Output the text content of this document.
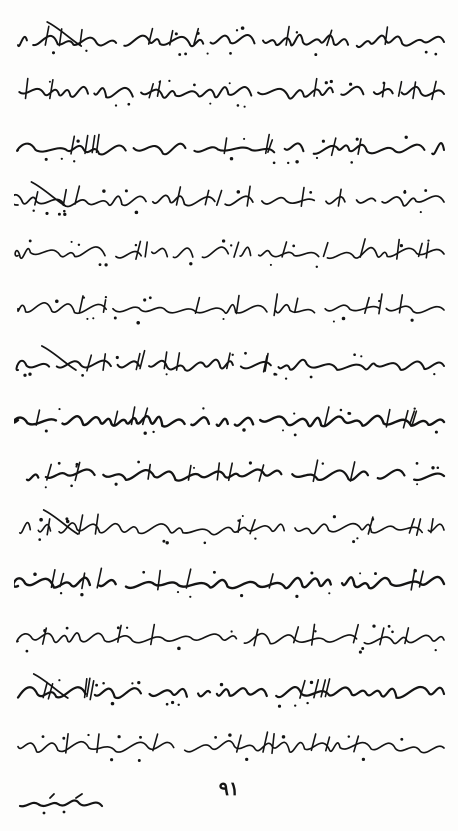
۹۱
